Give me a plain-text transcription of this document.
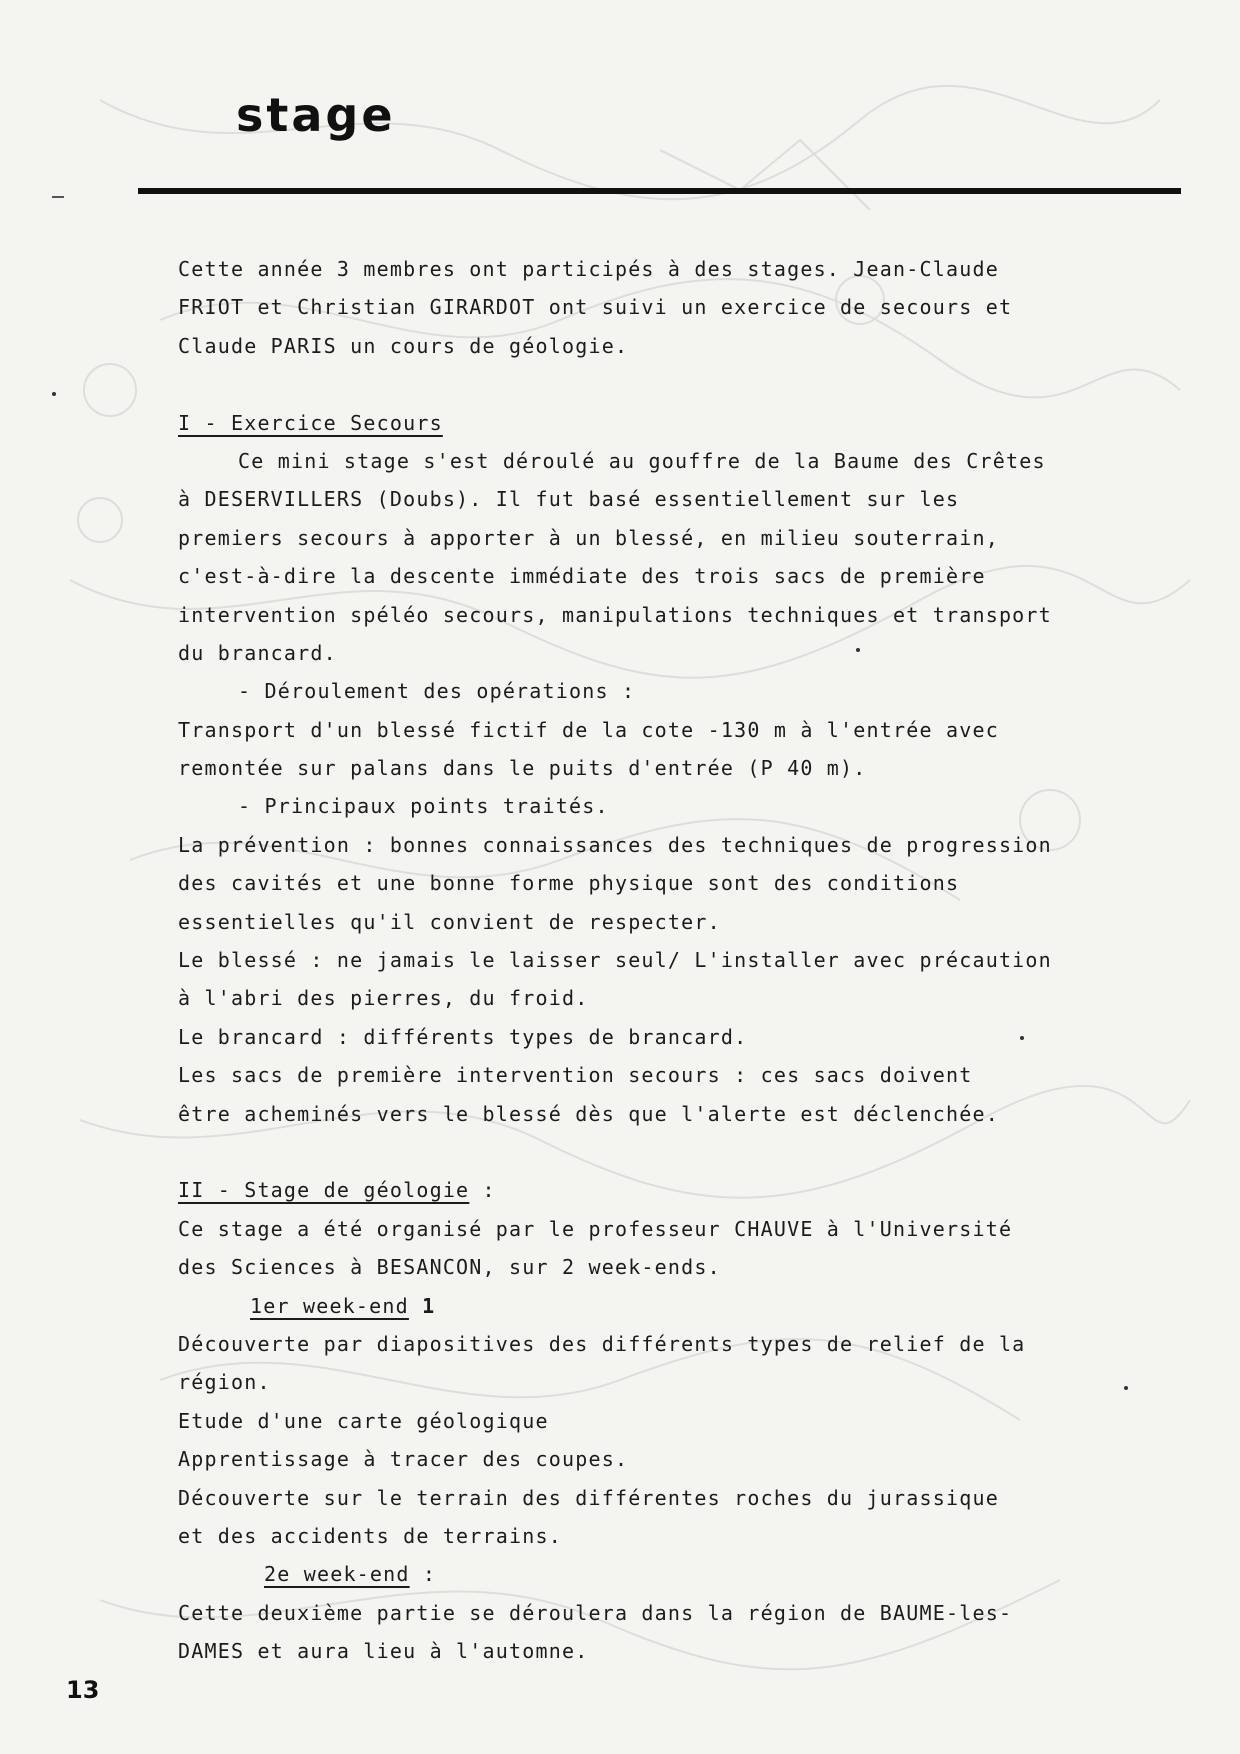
stage
Cette année 3 membres ont participés à des stages. Jean-Claude
FRIOT et Christian GIRARDOT ont suivi un exercice de secours et
Claude PARIS un cours de géologie.
I - Exercice Secours
Ce mini stage s'est déroulé au gouffre de la Baume des Crêtes
à DESERVILLERS (Doubs). Il fut basé essentiellement sur les
premiers secours à apporter à un blessé, en milieu souterrain,
c'est-à-dire la descente immédiate des trois sacs de première
intervention spéléo secours, manipulations techniques et transport
du brancard.
- Déroulement des opérations :
Transport d'un blessé fictif de la cote -130 m à l'entrée avec
remontée sur palans dans le puits d'entrée (P 40 m).
- Principaux points traités.
La prévention : bonnes connaissances des techniques de progression
des cavités et une bonne forme physique sont des conditions
essentielles qu'il convient de respecter.
Le blessé : ne jamais le laisser seul/ L'installer avec précaution
à l'abri des pierres, du froid.
Le brancard : différents types de brancard.
Les sacs de première intervention secours : ces sacs doivent
être acheminés vers le blessé dès que l'alerte est déclenchée.
II - Stage de géologie :
Ce stage a été organisé par le professeur CHAUVE à l'Université
des Sciences à BESANCON, sur 2 week-ends.
1er week-end 1
Découverte par diapositives des différents types de relief de la
région.
Etude d'une carte géologique
Apprentissage à tracer des coupes.
Découverte sur le terrain des différentes roches du jurassique
et des accidents de terrains.
2e week-end :
Cette deuxième partie se déroulera dans la région de BAUME-les-
DAMES et aura lieu à l'automne.
13
